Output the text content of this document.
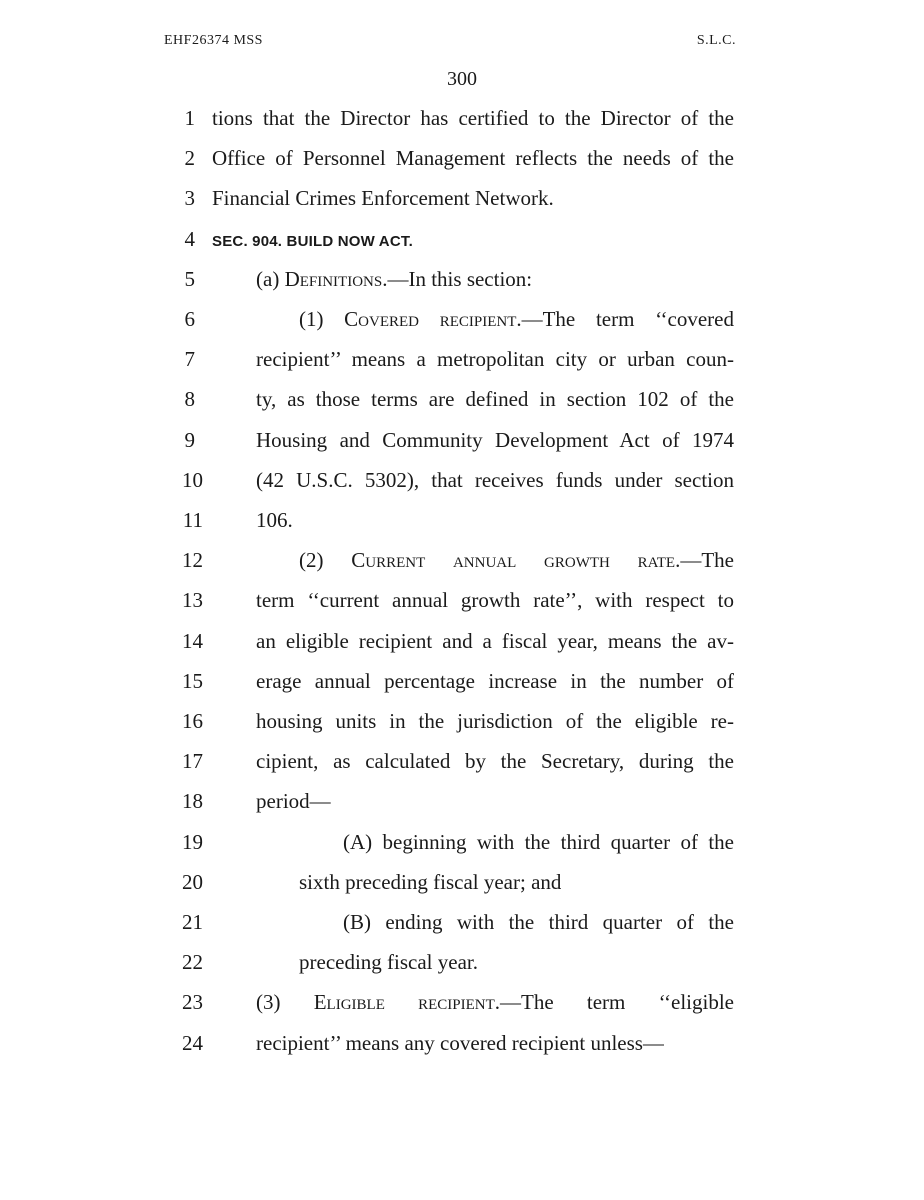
EHF26374 MSS	S.L.C.
300
1 tions that the Director has certified to the Director of the
2 Office of Personnel Management reflects the needs of the
3 Financial Crimes Enforcement Network.
4 SEC. 904. BUILD NOW ACT.
5	(a) Definitions.—In this section:
6	(1) Covered recipient.—The term ‘‘covered
7	recipient’’ means a metropolitan city or urban coun-
8	ty, as those terms are defined in section 102 of the
9	Housing and Community Development Act of 1974
10	(42 U.S.C. 5302), that receives funds under section
11	106.
12	(2) Current annual growth rate.—The
13	term ‘‘current annual growth rate’’, with respect to
14	an eligible recipient and a fiscal year, means the av-
15	erage annual percentage increase in the number of
16	housing units in the jurisdiction of the eligible re-
17	cipient, as calculated by the Secretary, during the
18	period—
19	(A) beginning with the third quarter of the
20	sixth preceding fiscal year; and
21	(B) ending with the third quarter of the
22	preceding fiscal year.
23	(3) Eligible recipient.—The term ‘‘eligible
24	recipient’’ means any covered recipient unless—
